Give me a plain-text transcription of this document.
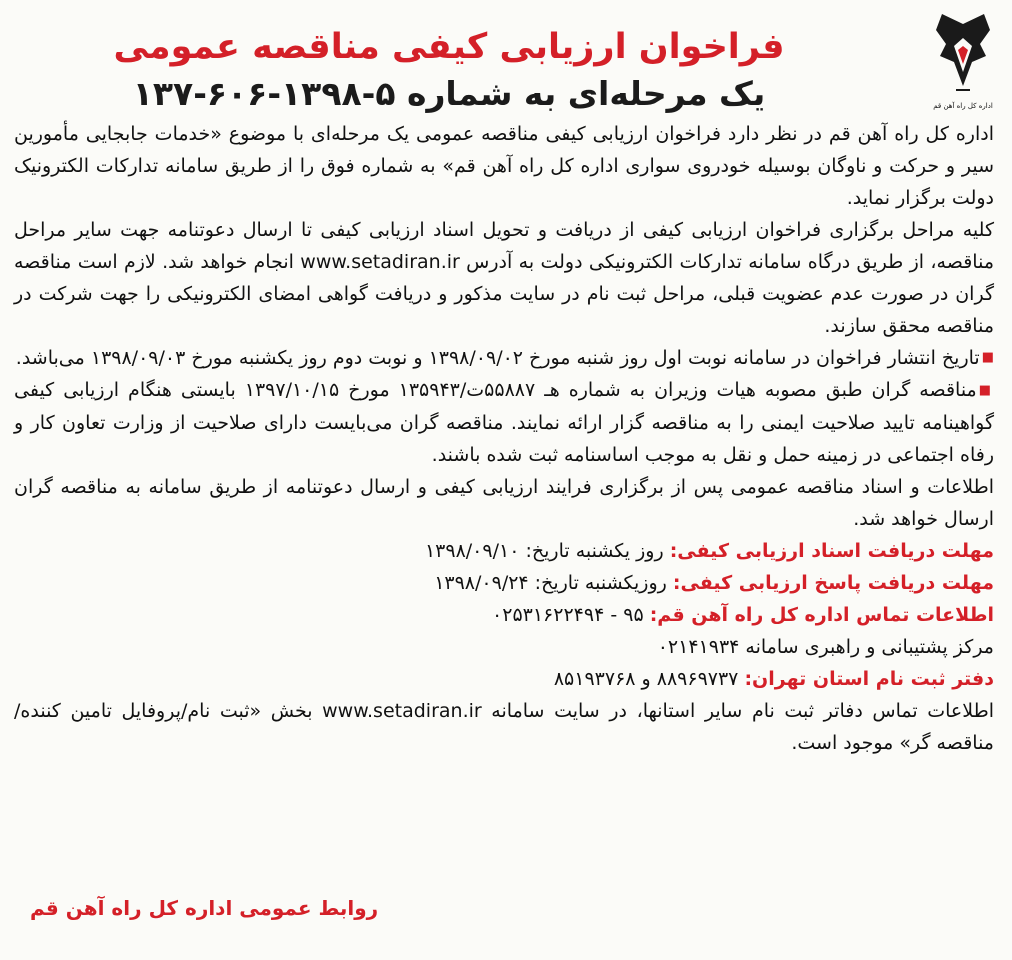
اداره کل راه آهن قم
فراخوان ارزیابی کیفی مناقصه عمومی
یک مرحله‌ای به شماره ۵-۱۳۹۸-۶۰۶-۱۳۷

اداره کل راه آهن قم در نظر دارد فراخوان ارزیابی کیفی مناقصه عمومی یک مرحله‌ای با موضوع «خدمات جابجایی مأمورین سیر و حرکت و ناوگان بوسیله خودروی سواری اداره کل راه آهن قم» به شماره فوق را از طریق سامانه تدارکات الکترونیک دولت برگزار نماید.

کلیه مراحل برگزاری فراخوان ارزیابی کیفی از دریافت و تحویل اسناد ارزیابی کیفی تا ارسال دعوتنامه جهت سایر مراحل مناقصه، از طریق درگاه سامانه تدارکات الکترونیکی دولت به آدرس www.setadiran.ir انجام خواهد شد. لازم است مناقصه گران در صورت عدم عضویت قبلی، مراحل ثبت نام در سایت مذکور و دریافت گواهی امضای الکترونیکی را جهت شرکت در مناقصه محقق سازند.

■ تاریخ انتشار فراخوان در سامانه نوبت اول روز شنبه مورخ ۱۳۹۸/۰۹/۰۲ و نوبت دوم روز یکشنبه مورخ ۱۳۹۸/۰۹/۰۳ می‌باشد.

■ مناقصه گران طبق مصوبه هیات وزیران به شماره هـ ۵۵۸۸۷ت/۱۳۵۹۴۳ مورخ ۱۳۹۷/۱۰/۱۵ بایستی هنگام ارزیابی کیفی گواهینامه تایید صلاحیت ایمنی را به مناقصه گزار ارائه نمایند. مناقصه گران می‌بایست دارای صلاحیت از وزارت تعاون کار و رفاه اجتماعی در زمینه حمل و نقل به موجب اساسنامه ثبت شده باشند.

اطلاعات و اسناد مناقصه عمومی پس از برگزاری فرایند ارزیابی کیفی و ارسال دعوتنامه از طریق سامانه به مناقصه گران ارسال خواهد شد.

مهلت دریافت اسناد ارزیابی کیفی: روز یکشنبه تاریخ: ۱۳۹۸/۰۹/۱۰

مهلت دریافت پاسخ ارزیابی کیفی: روزیکشنبه تاریخ: ۱۳۹۸/۰۹/۲۴

اطلاعات تماس اداره کل راه آهن قم: ۹۵ - ۰۲۵۳۱۶۲۲۴۹۴

مرکز پشتیبانی و راهبری سامانه ۰۲۱۴۱۹۳۴

دفتر ثبت نام استان تهران: ۸۸۹۶۹۷۳۷ و ۸۵۱۹۳۷۶۸

اطلاعات تماس دفاتر ثبت نام سایر استانها، در سایت سامانه www.setadiran.ir بخش «ثبت نام/پروفایل تامین کننده/مناقصه گر» موجود است.

روابط عمومی اداره کل راه آهن قم
